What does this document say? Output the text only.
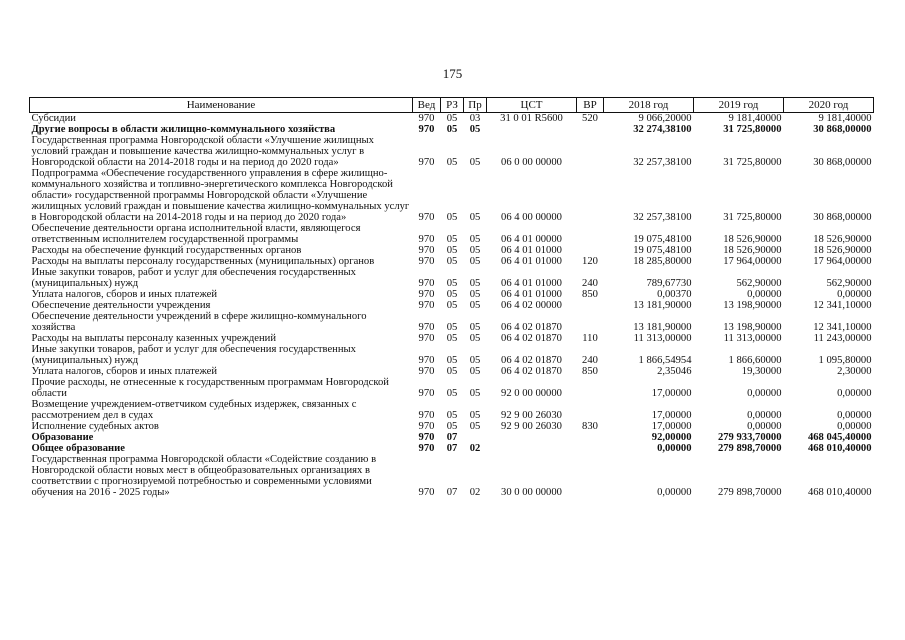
175
Наименование	Вед	РЗ	Пр	ЦСТ	ВР	2018 год	2019 год	2020 год
Субсидии	970	05	03	31 0 01 R5600	520	9 066,20000	9 181,40000	9 181,40000
Другие вопросы в области жилищно-коммунального хозяйства	970	05	05			32 274,38100	31 725,80000	30 868,00000
Государственная программа Новгородской области «Улучшение жилищных условий граждан и повышение качества жилищно-коммунальных услуг в Новгородской области на 2014-2018 годы и на период до 2020 года»	970	05	05	06 0 00 00000		32 257,38100	31 725,80000	30 868,00000
Подпрограмма «Обеспечение государственного управления в сфере жилищно-коммунального хозяйства и топливно-энергетического комплекса Новгородской области» государственной программы Новгородской области «Улучшение жилищных условий граждан и повышение качества жилищно-коммунальных услуг в Новгородской области на 2014-2018 годы и на период до 2020 года»	970	05	05	06 4 00 00000		32 257,38100	31 725,80000	30 868,00000
Обеспечение деятельности органа исполнительной власти, являющегося ответственным исполнителем государственной программы	970	05	05	06 4 01 00000		19 075,48100	18 526,90000	18 526,90000
Расходы на обеспечение функций государственных органов	970	05	05	06 4 01 01000		19 075,48100	18 526,90000	18 526,90000
Расходы на выплаты персоналу государственных (муниципальных) органов	970	05	05	06 4 01 01000	120	18 285,80000	17 964,00000	17 964,00000
Иные закупки товаров, работ и услуг для обеспечения государственных (муниципальных) нужд	970	05	05	06 4 01 01000	240	789,67730	562,90000	562,90000
Уплата налогов, сборов и иных платежей	970	05	05	06 4 01 01000	850	0,00370	0,00000	0,00000
Обеспечение деятельности учреждения	970	05	05	06 4 02 00000		13 181,90000	13 198,90000	12 341,10000
Обеспечение деятельности учреждений в сфере жилищно-коммунального хозяйства	970	05	05	06 4 02 01870		13 181,90000	13 198,90000	12 341,10000
Расходы на выплаты персоналу казенных учреждений	970	05	05	06 4 02 01870	110	11 313,00000	11 313,00000	11 243,00000
Иные закупки товаров, работ и услуг для обеспечения государственных (муниципальных) нужд	970	05	05	06 4 02 01870	240	1 866,54954	1 866,60000	1 095,80000
Уплата налогов, сборов и иных платежей	970	05	05	06 4 02 01870	850	2,35046	19,30000	2,30000
Прочие расходы, не отнесенные к государственным программам Новгородской области	970	05	05	92 0 00 00000		17,00000	0,00000	0,00000
Возмещение учреждением-ответчиком судебных издержек, связанных с рассмотрением дел в судах	970	05	05	92 9 00 26030		17,00000	0,00000	0,00000
Исполнение судебных актов	970	05	05	92 9 00 26030	830	17,00000	0,00000	0,00000
Образование	970	07				92,00000	279 933,70000	468 045,40000
Общее образование	970	07	02			0,00000	279 898,70000	468 010,40000
Государственная программа Новгородской области «Содействие созданию в Новгородской области новых мест в общеобразовательных организациях в соответствии с прогнозируемой потребностью и современными условиями обучения на 2016 - 2025 годы»	970	07	02	30 0 00 00000		0,00000	279 898,70000	468 010,40000
